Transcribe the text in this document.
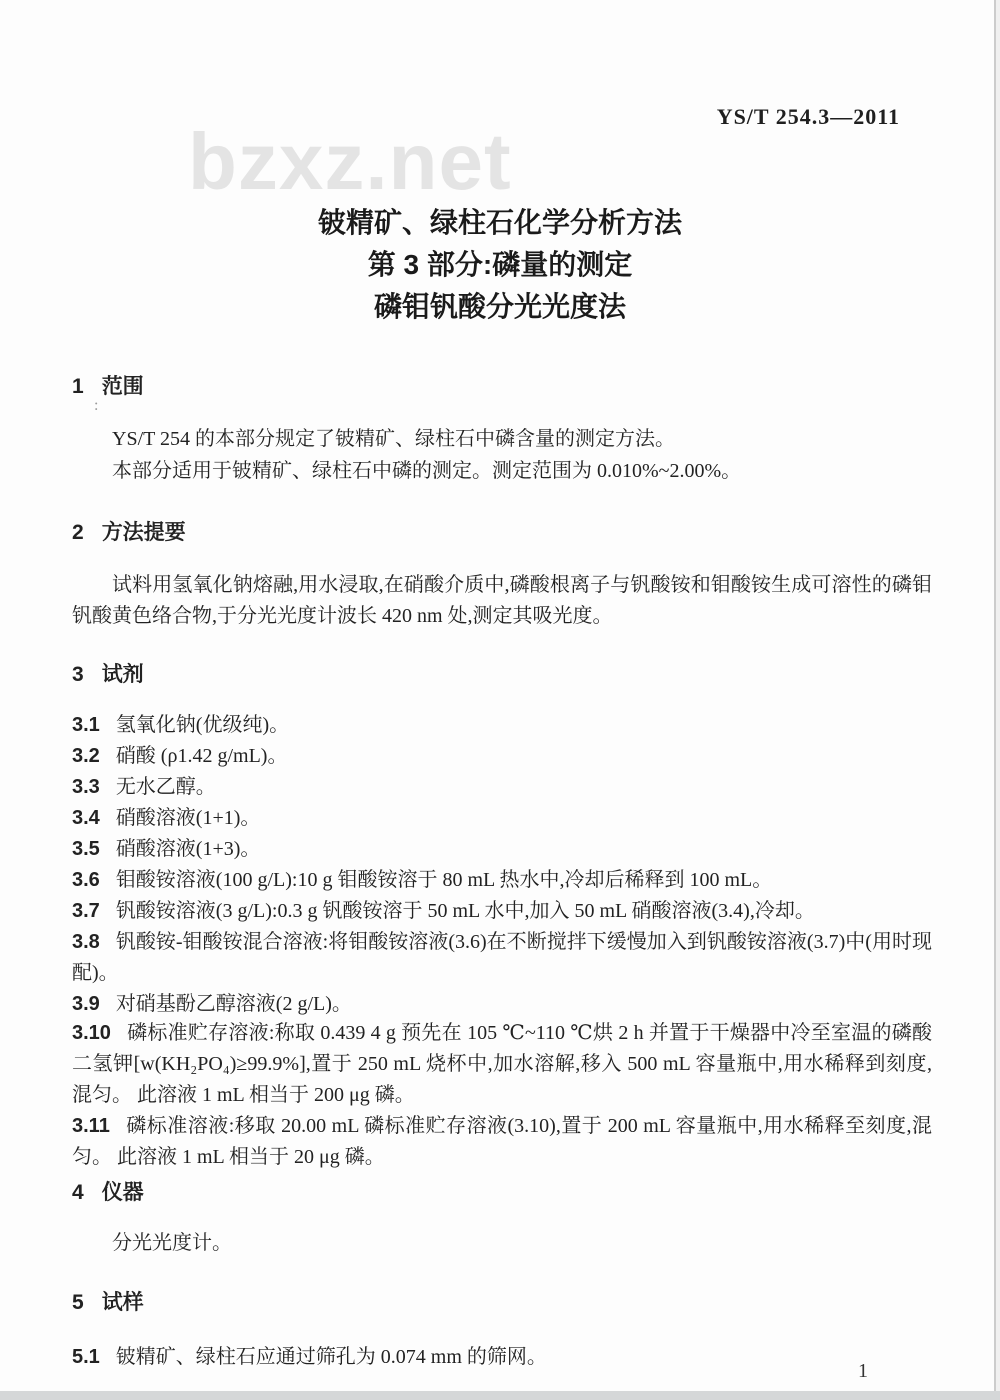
bzxz.net
YS/T 254.3—2011
铍精矿、绿柱石化学分析方法
第 3 部分:磷量的测定
磷钼钒酸分光光度法
1 范围
:

YS/T 254 的本部分规定了铍精矿、绿柱石中磷含量的测定方法。

本部分适用于铍精矿、绿柱石中磷的测定。测定范围为 0.010%~2.00%。

2 方法提要

试料用氢氧化钠熔融,用水浸取,在硝酸介质中,磷酸根离子与钒酸铵和钼酸铵生成可溶性的磷钼钒酸黄色络合物,于分光光度计波长 420 nm 处,测定其吸光度。

3 试剂

3.1 氢氧化钠(优级纯)。

3.2 硝酸 (ρ1.42 g/mL)。

3.3 无水乙醇。

3.4 硝酸溶液(1+1)。

3.5 硝酸溶液(1+3)。

3.6 钼酸铵溶液(100 g/L):10 g 钼酸铵溶于 80 mL 热水中,冷却后稀释到 100 mL。

3.7 钒酸铵溶液(3 g/L):0.3 g 钒酸铵溶于 50 mL 水中,加入 50 mL 硝酸溶液(3.4),冷却。

3.8 钒酸铵-钼酸铵混合溶液:将钼酸铵溶液(3.6)在不断搅拌下缓慢加入到钒酸铵溶液(3.7)中(用时现配)。

3.9 对硝基酚乙醇溶液(2 g/L)。

3.10 磷标准贮存溶液:称取 0.439 4 g 预先在 105 ℃~110 ℃烘 2 h 并置于干燥器中冷至室温的磷酸二氢钾[w(KH₂PO₄)≥99.9%],置于 250 mL 烧杯中,加水溶解,移入 500 mL 容量瓶中,用水稀释到刻度,混匀。 此溶液 1 mL 相当于 200 μg 磷。

3.11 磷标准溶液:移取 20.00 mL 磷标准贮存溶液(3.10),置于 200 mL 容量瓶中,用水稀释至刻度,混匀。 此溶液 1 mL 相当于 20 μg 磷。

4 仪器

分光光度计。

5 试样

5.1 铍精矿、绿柱石应通过筛孔为 0.074 mm 的筛网。

1
